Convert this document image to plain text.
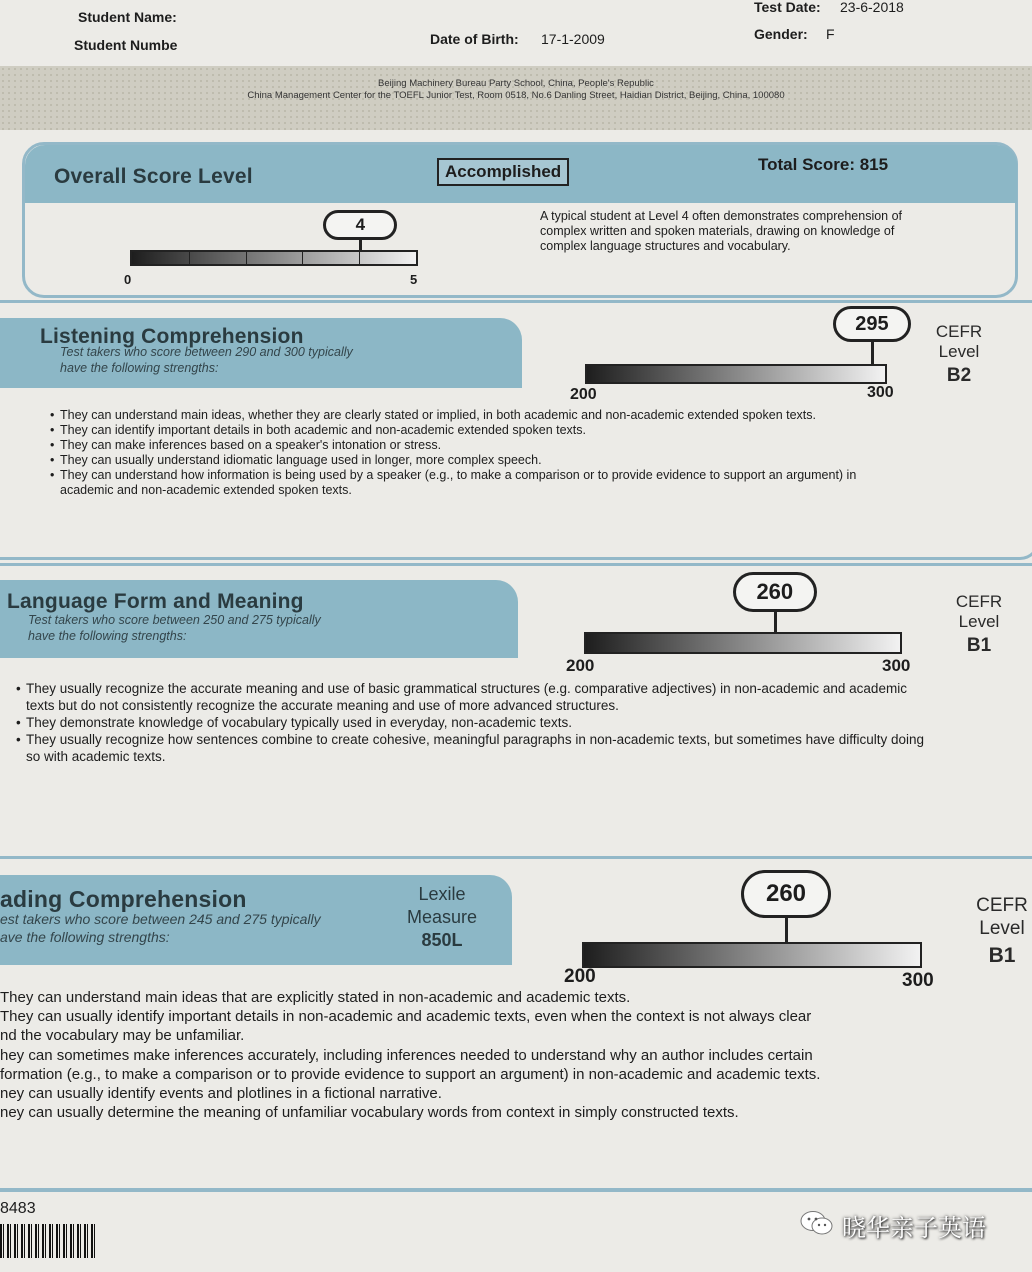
Student Name:
Student Numbe	Date of Birth: 17-1-2009
Test Date: 23-6-2018
Gender: F
Beijing Machinery Bureau Party School, China, People's Republic
China Management Center for the TOEFL Junior Test, Room 0518, No.6 Danling Street, Haidian District, Beijing, China, 100080
Overall Score Level	Accomplished	Total Score: 815
4
0	5
A typical student at Level 4 often demonstrates comprehension of complex written and spoken materials, drawing on knowledge of complex language structures and vocabulary.
Listening Comprehension
Test takers who score between 290 and 300 typically
have the following strengths:
295
200	300
CEFR
Level
B2
• They can understand main ideas, whether they are clearly stated or implied, in both academic and non-academic extended spoken texts.
• They can identify important details in both academic and non-academic extended spoken texts.
• They can make inferences based on a speaker's intonation or stress.
• They can usually understand idiomatic language used in longer, more complex speech.
• They can understand how information is being used by a speaker (e.g., to make a comparison or to provide evidence to support an argument) in academic and non-academic extended spoken texts.
Language Form and Meaning
Test takers who score between 250 and 275 typically
have the following strengths:
260
200	300
CEFR
Level
B1
• They usually recognize the accurate meaning and use of basic grammatical structures (e.g. comparative adjectives) in non-academic and academic texts but do not consistently recognize the accurate meaning and use of more advanced structures.
• They demonstrate knowledge of vocabulary typically used in everyday, non-academic texts.
• They usually recognize how sentences combine to create cohesive, meaningful paragraphs in non-academic texts, but sometimes have difficulty doing so with academic texts.
ading Comprehension
est takers who score between 245 and 275 typically
ave the following strengths:
Lexile
Measure
850L
260
200	300
CEFR
Level
B1
They can understand main ideas that are explicitly stated in non-academic and academic texts.
They can usually identify important details in non-academic and academic texts, even when the context is not always clear
nd the vocabulary may be unfamiliar.
hey can sometimes make inferences accurately, including inferences needed to understand why an author includes certain
formation (e.g., to make a comparison or to provide evidence to support an argument) in non-academic and academic texts.
ney can usually identify events and plotlines in a fictional narrative.
ney can usually determine the meaning of unfamiliar vocabulary words from context in simply constructed texts.
8483
晓华亲子英语
